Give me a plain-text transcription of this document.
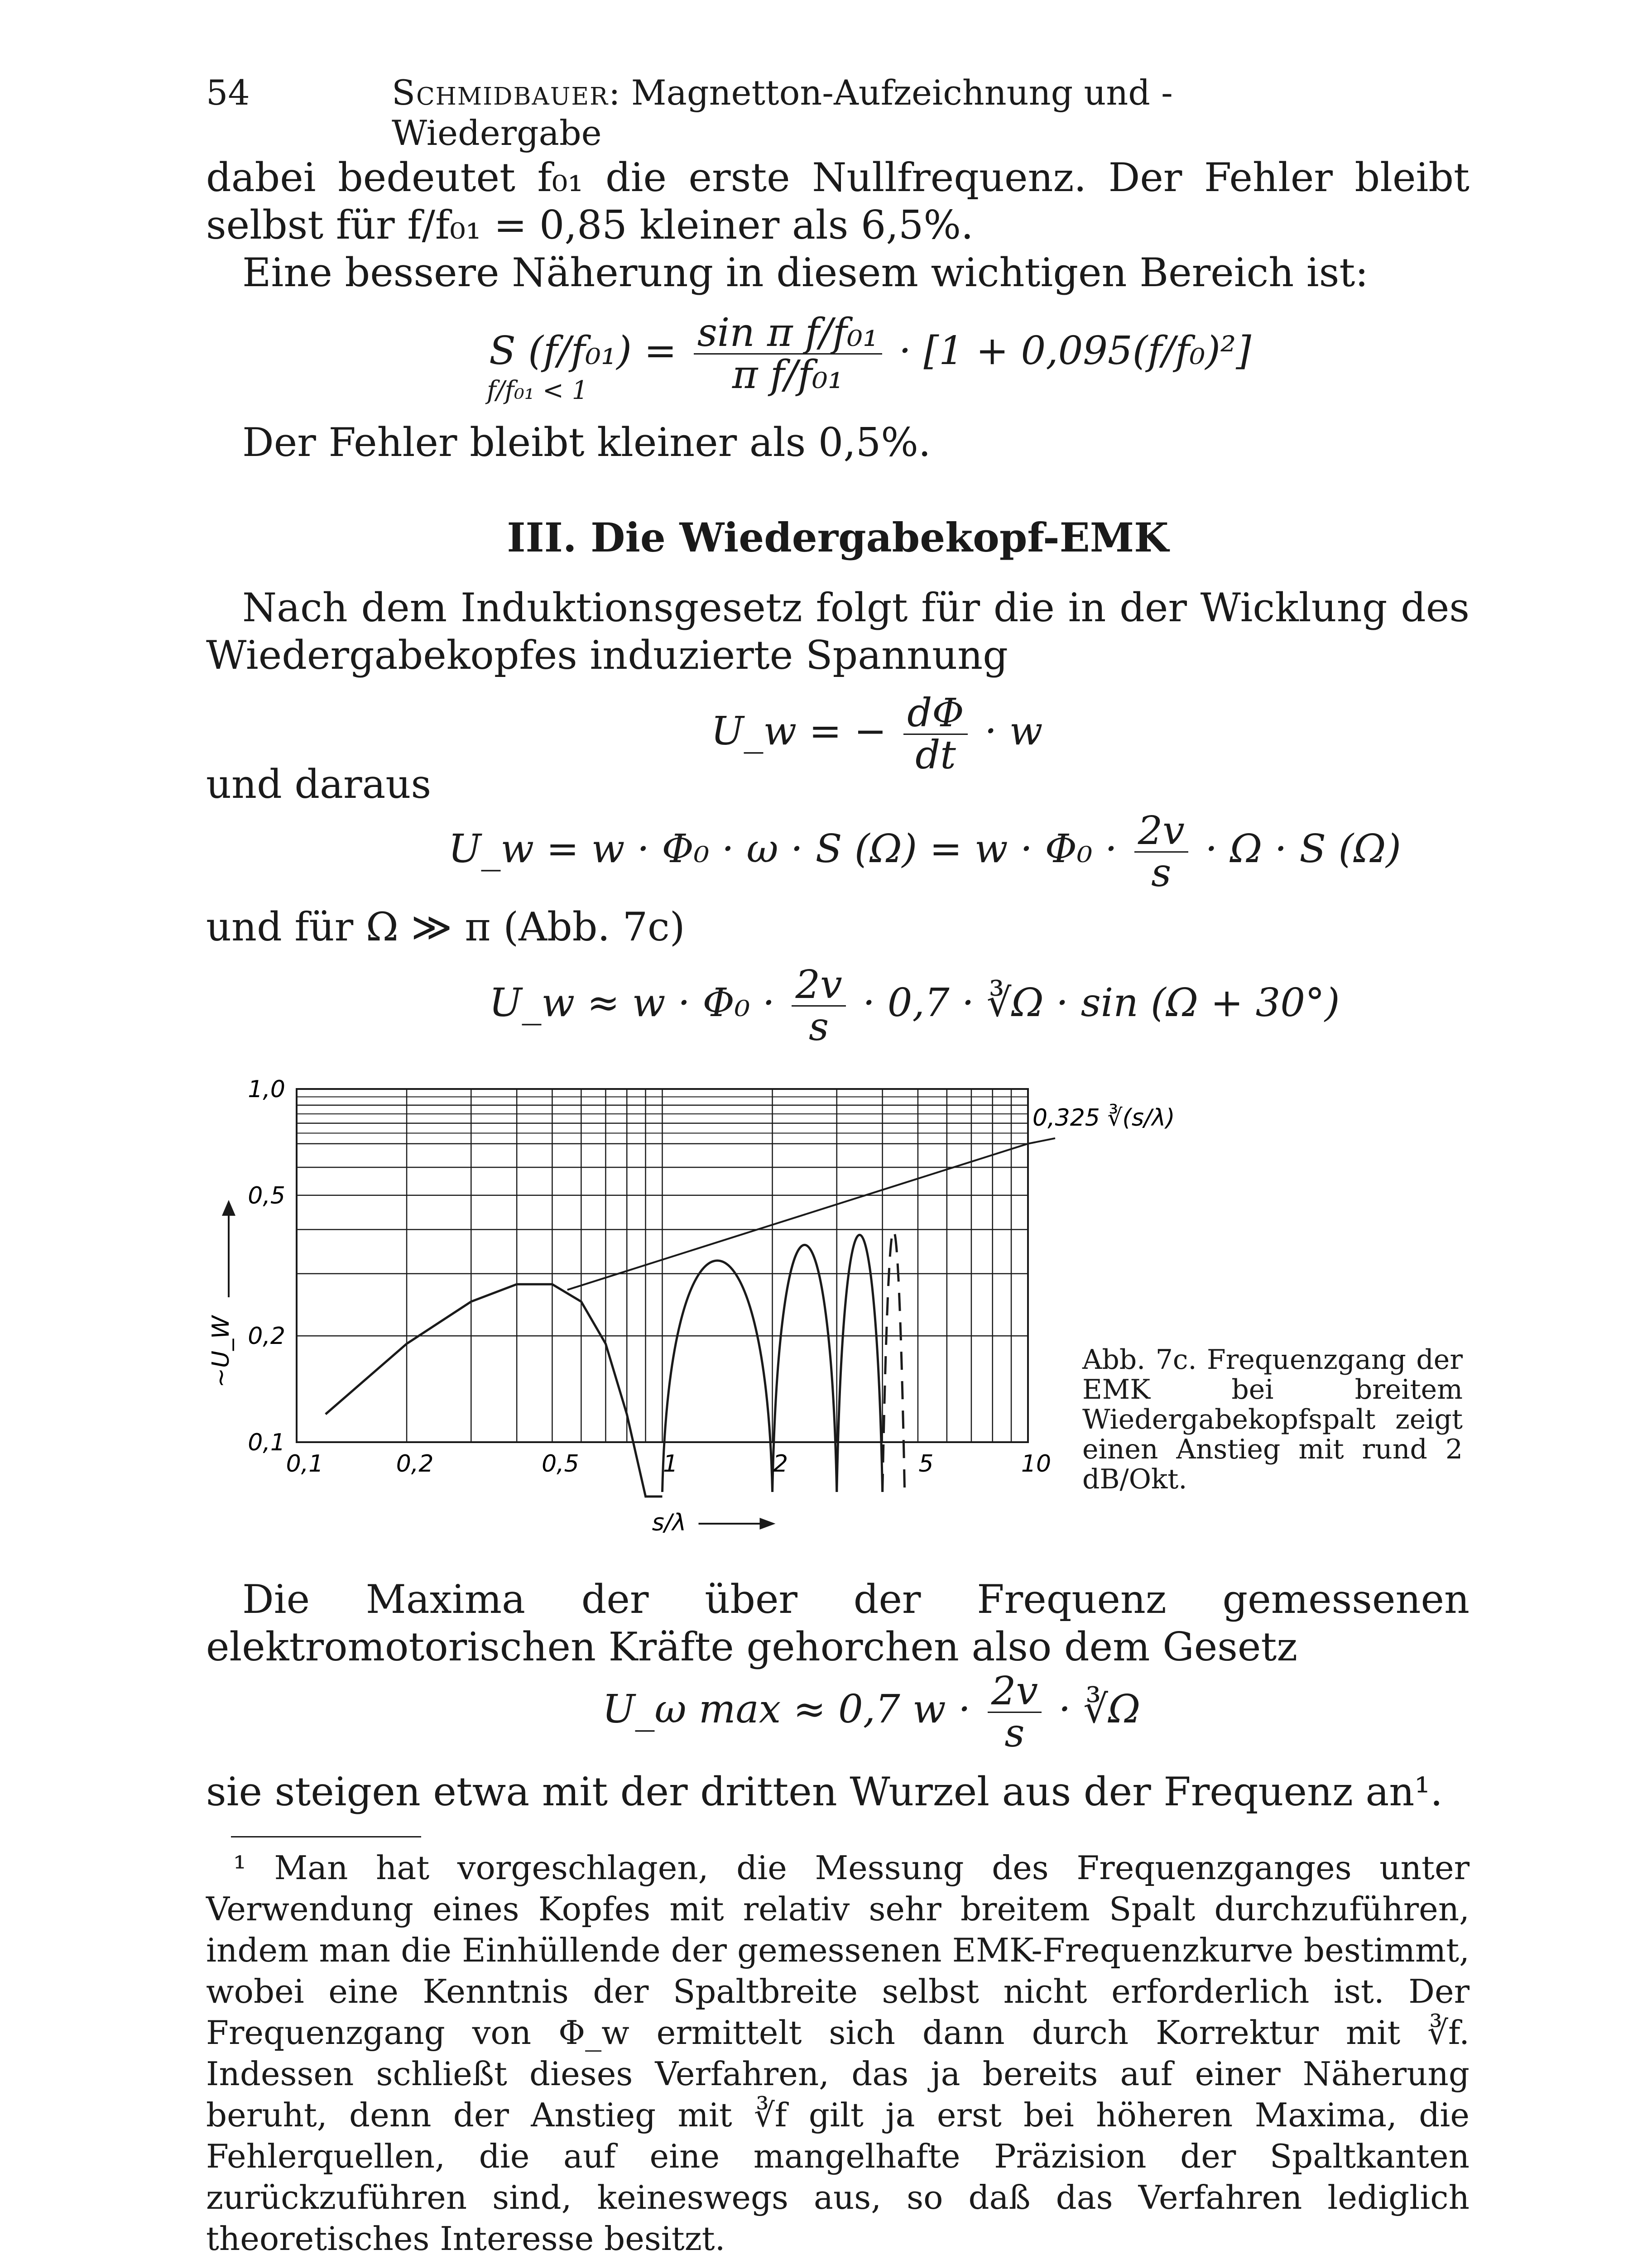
54	Schmidbauer: Magnetton-Aufzeichnung und -Wiedergabe
dabei bedeutet f₀₁ die erste Nullfrequenz. Der Fehler bleibt selbst für f/f₀₁ = 0,85 kleiner als 6,5%.
Eine bessere Näherung in diesem wichtigen Bereich ist:
S $(f/f_{01}) = \frac{\text{sin π f/f₀₁}}{\text{π f/f₀₁}} \cdot [1 + 0,095(f/f_0)^2]$
f/f₀₁ < 1
Der Fehler bleibt kleiner als 0,5%.
III. Die Wiedergabekopf-EMK
Nach dem Induktionsgesetz folgt für die in der Wicklung des Wiedergabekopfes induzierte Spannung
U_w = − $\frac{d\Phi}{dt} \cdot w$
und daraus
U_w = w · Φ₀ · ω · S $(\Omega) = w \cdot \Phi_0 \cdot \frac{2v}{s} \cdot \Omega \cdot S$ (Ω)
und für Ω ≫ π (Abb. 7c)
U_w ≈ $w \cdot \Phi_0 \cdot \frac{2v}{s} \cdot 0,7$ · ∛Ω · sin (Ω + 30°)
1,0
0,5
0,2
0,1
0,1	0,2	0,5	1	2	5	10
~U_W
s/λ
0,325 ∛(s/λ)
Abb. 7c. Frequenzgang der EMK bei breitem Wiedergabekopfspalt zeigt einen Anstieg mit rund 2 dB/Okt.
Die Maxima der über der Frequenz gemessenen elektromotorischen Kräfte gehorchen also dem Gesetz
U_ω max ≈ 0,7 $w \cdot \frac{2v}{s}$ · ∛Ω
sie steigen etwa mit der dritten Wurzel aus der Frequenz an¹.
¹ Man hat vorgeschlagen, die Messung des Frequenzganges unter Verwendung eines Kopfes mit relativ sehr breitem Spalt durchzuführen, indem man die Einhüllende der gemessenen EMK-Frequenzkurve bestimmt, wobei eine Kenntnis der Spaltbreite selbst nicht erforderlich ist. Der Frequenzgang von Φ_w ermittelt sich dann durch Korrektur mit ∛f. Indessen schließt dieses Verfahren, das ja bereits auf einer Näherung beruht, denn der Anstieg mit ∛f gilt ja erst bei höheren Maxima, die Fehlerquellen, die auf eine mangelhafte Präzision der Spaltkanten zurückzuführen sind, keineswegs aus, so daß das Verfahren lediglich theoretisches Interesse besitzt.
